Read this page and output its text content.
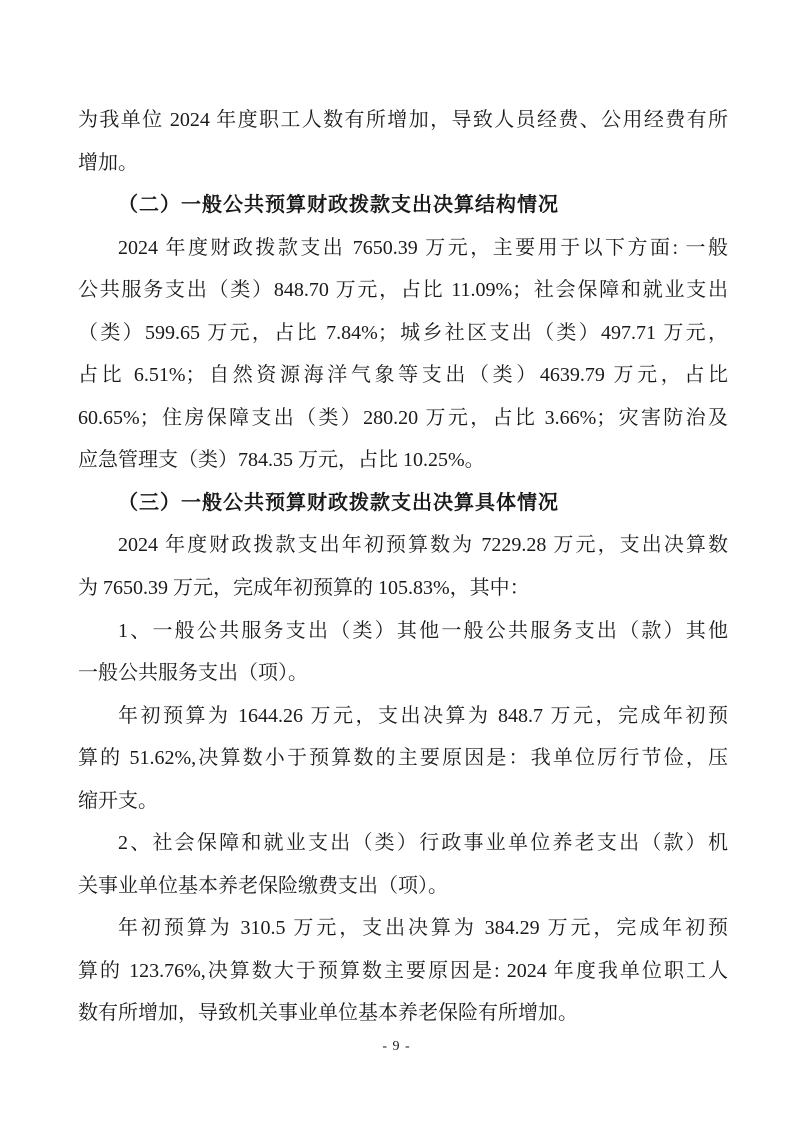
为我单位 2024 年度职工人数有所增加，导致人员经费、公用经费有所
增加。
（二）一般公共预算财政拨款支出决算结构情况
2024 年度财政拨款支出 7650.39 万元，主要用于以下方面: 一般
公共服务支出（类）848.70 万元，占比 11.09%；社会保障和就业支出
（类）599.65 万元，占比 7.84%；城乡社区支出（类）497.71 万元，
占比 6.51%；自然资源海洋气象等支出（类）4639.79 万元，占比
60.65%；住房保障支出（类）280.20 万元，占比 3.66%；灾害防治及
应急管理支（类）784.35 万元，占比 10.25%。
（三）一般公共预算财政拨款支出决算具体情况
2024 年度财政拨款支出年初预算数为 7229.28 万元，支出决算数
为 7650.39 万元，完成年初预算的 105.83%，其中：
1、一般公共服务支出（类）其他一般公共服务支出（款）其他
一般公共服务支出（项）。
年初预算为 1644.26 万元，支出决算为 848.7 万元，完成年初预
算的 51.62%,决算数小于预算数的主要原因是：我单位厉行节俭，压
缩开支。
2、社会保障和就业支出（类）行政事业单位养老支出（款）机
关事业单位基本养老保险缴费支出（项）。
年初预算为 310.5 万元，支出决算为 384.29 万元，完成年初预
算的 123.76%,决算数大于预算数主要原因是: 2024 年度我单位职工人
数有所增加，导致机关事业单位基本养老保险有所增加。
- 9 -
